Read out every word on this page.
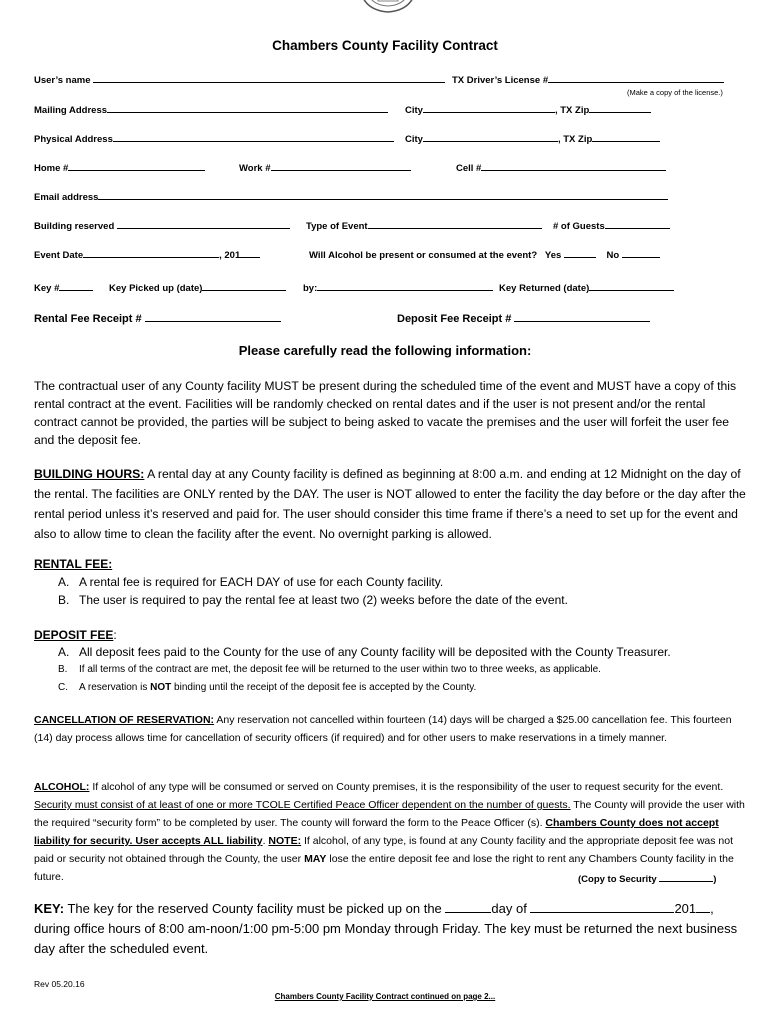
Chambers County Facility Contract
User’s name	TX Driver’s License #
(Make a copy of the license.)
Mailing Address	City	, TX Zip
Physical Address	City	, TX Zip
Home #	Work #	Cell #
Email address
Building reserved	Type of Event	# of Guests
Event Date	, 201	Will Alcohol be present or consumed at the event? Yes	No
Key #	Key Picked up (date)	by:	Key Returned (date)
Rental Fee Receipt #	Deposit Fee Receipt #
Please carefully read the following information:
The contractual user of any County facility MUST be present during the scheduled time of the event and MUST have a copy of this rental contract at the event. Facilities will be randomly checked on rental dates and if the user is not present and/or the rental contract cannot be provided, the parties will be subject to being asked to vacate the premises and the user will forfeit the user fee and the deposit fee.
BUILDING HOURS: A rental day at any County facility is defined as beginning at 8:00 a.m. and ending at 12 Midnight on the day of the rental. The facilities are ONLY rented by the DAY. The user is NOT allowed to enter the facility the day before or the day after the rental period unless it’s reserved and paid for. The user should consider this time frame if there’s a need to set up for the event and also to allow time to clean the facility after the event. No overnight parking is allowed.
RENTAL FEE:
A. A rental fee is required for EACH DAY of use for each County facility.
B. The user is required to pay the rental fee at least two (2) weeks before the date of the event.
DEPOSIT FEE:
A. All deposit fees paid to the County for the use of any County facility will be deposited with the County Treasurer.
B. If all terms of the contract are met, the deposit fee will be returned to the user within two to three weeks, as applicable.
C. A reservation is NOT binding until the receipt of the deposit fee is accepted by the County.
CANCELLATION OF RESERVATION: Any reservation not cancelled within fourteen (14) days will be charged a $25.00 cancellation fee. This fourteen (14) day process allows time for cancellation of security officers (if required) and for other users to make reservations in a timely manner.
ALCOHOL: If alcohol of any type will be consumed or served on County premises, it is the responsibility of the user to request security for the event. Security must consist of at least of one or more TCOLE Certified Peace Officer dependent on the number of guests. The County will provide the user with the required “security form” to be completed by user. The county will forward the form to the Peace Officer (s). Chambers County does not accept liability for security. User accepts ALL liability. NOTE: If alcohol, of any type, is found at any County facility and the appropriate deposit fee was not paid or security not obtained through the County, the user MAY lose the entire deposit fee and lose the right to rent any Chambers County facility in the future.	(Copy to Security	)
KEY: The key for the reserved County facility must be picked up on the	day of	201 , during office hours of 8:00 am-noon/1:00 pm-5:00 pm Monday through Friday. The key must be returned the next business day after the scheduled event.
Rev 05.20.16
Chambers County Facility Contract continued on page 2...
